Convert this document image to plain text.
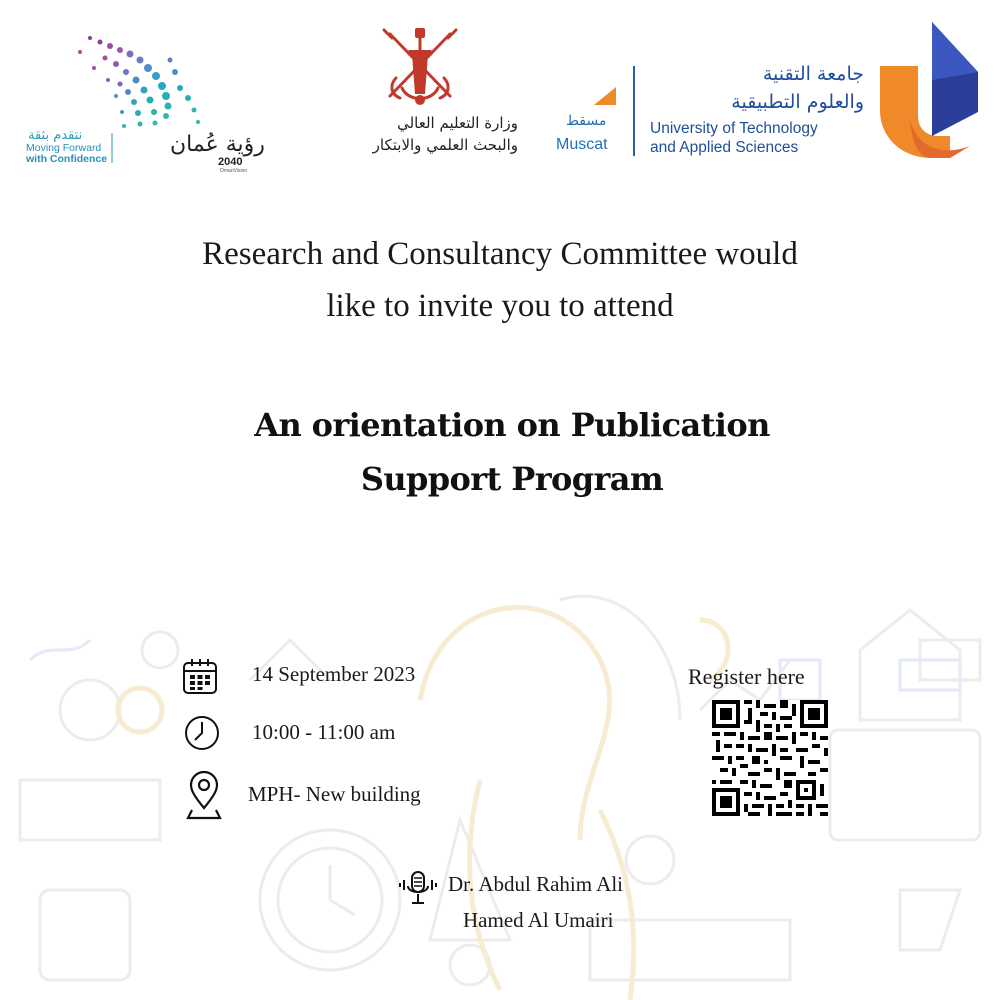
نتقدم بثقة
Moving Forward
with Confidence
رؤية عُمان
2040
OmanVision
وزارة التعليم العالي
والبحث العلمي والابتكار
مسقط
Muscat
جامعة التقنية
والعلوم التطبيقية
University of Technology
and Applied Sciences
Research and Consultancy Committee would
like to invite you to attend
An orientation on Publication
Support Program
14 September 2023
10:00 - 11:00 am
MPH- New building
Register here
Dr. Abdul Rahim Ali
Hamed Al Umairi
